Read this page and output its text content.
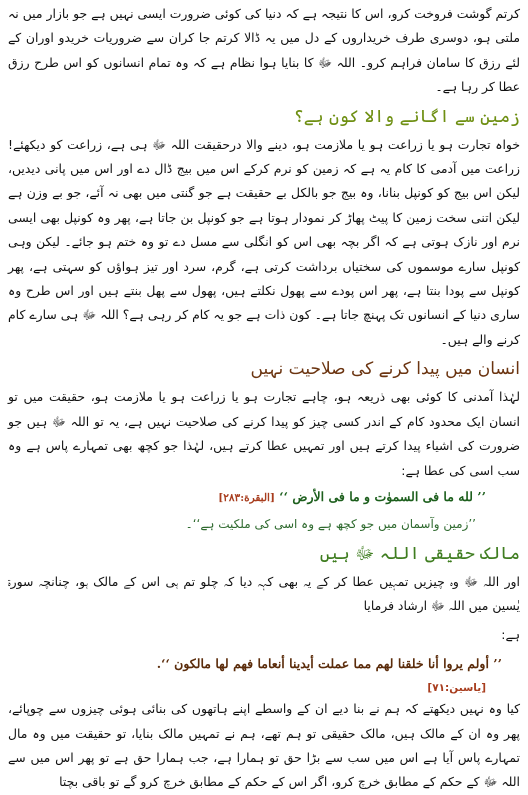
کرتم گوشت فروخت کرو، اس کا نتیجہ ہے کہ دنیا کی کوئی ضرورت ایسی نہیں ہے جو بازار میں نہ ملتی ہو، دوسری طرف خریداروں کے دل میں یہ ڈالا کرتم جا کران سے ضروریات خریدو اوران کے لئے رزق کا سامان فراہم کرو۔ اللہ ﷻ کا بنایا ہوا نظام ہے کہ وہ تمام انسانوں کو اس طرح رزق عطا کر رہا ہے۔

زمین سے اگانے والا کون ہے؟

خواہ تجارت ہو یا زراعت ہو یا ملازمت ہو، دینے والا درحقیقت اللہ ﷻ ہی ہے، زراعت کو دیکھئے! زراعت میں آدمی کا کام یہ ہے کہ زمین کو نرم کرکے اس میں بیج ڈال دے اور اس میں پانی دیدیں، لیکن اس بیج کو کونپل بنانا، وہ بیج جو بالکل بے حقیقت ہے جو گنتی میں بھی نہ آئے، جو بے وزن ہے لیکن اتنی سخت زمین کا پیٹ پھاڑ کر نمودار ہوتا ہے جو کونپل بن جاتا ہے، پھر وہ کونپل بھی ایسی نرم اور نازک ہوتی ہے کہ اگر بچہ بھی اس کو انگلی سے مسل دے تو وہ ختم ہو جائے۔ لیکن وہی کونپل سارے موسموں کی سختیاں برداشت کرتی ہے، گرم، سرد اور تیز ہواؤں کو سہتی ہے، پھر کونپل سے پودا بنتا ہے، پھر اس پودے سے پھول نکلتے ہیں، پھول سے پھل بنتے ہیں اور اس طرح وہ ساری دنیا کے انسانوں تک پہنچ جاتا ہے۔ کون ذات ہے جو یہ کام کر رہی ہے؟ اللہ ﷻ ہی سارے کام کرنے والے ہیں۔

انسان میں پیدا کرنے کی صلاحیت نہیں

لہٰذا آمدنی کا کوئی بھی ذریعہ ہو، چاہے تجارت ہو یا زراعت ہو یا ملازمت ہو، حقیقت میں تو انسان ایک محدود کام کے اندر کسی چیز کو پیدا کرنے کی صلاحیت نہیں ہے، یہ تو اللہ ﷻ ہیں جو ضرورت کی اشیاء پیدا کرتے ہیں اور تمہیں عطا کرتے ہیں، لہٰذا جو کچھ بھی تمہارے پاس ہے وہ سب اسی کی عطا ہے:

’’ لله ما فى السموٰت و ما فى الأرض ‘‘ [البقرة:٢٨٣]
’’زمین وآسمان میں جو کچھ ہے وہ اسی کی ملکیت ہے‘‘۔
مالک حقیقی اللہ ﷻ ہیں

اور اللہ ﷻ وہ چیزیں تمہیں عطا کر کے یہ بھی کہہ دیا کہ چلو تم ہی اس کے مالک ہو، چنانچہ سورۃ یٰسین میں اللہ ﷻ ارشاد فرمایا

ہے:

’’ أولم يروا أنا خلقنا لهم مما عملت أيدينا أنعاما فهم لها مالكون ‘‘.
[یاسین:٧١]

کیا وہ نہیں دیکھتے کہ ہم نے بنا دیے ان کے واسطے اپنے ہاتھوں کی بنائی ہوئی چیزوں سے چوپائے، پھر وہ ان کے مالک ہیں، مالک حقیقی تو ہم تھے، ہم نے تمہیں مالک بنایا، تو حقیقت میں وہ مال تمہارے پاس آیا ہے اس میں سب سے بڑا حق تو ہمارا ہے، جب ہمارا حق ہے تو پھر اس میں سے اللہ ﷻ کے حکم کے مطابق خرچ کرو، اگر اس کے حکم کے مطابق خرچ کرو گے تو باقی بچتا
